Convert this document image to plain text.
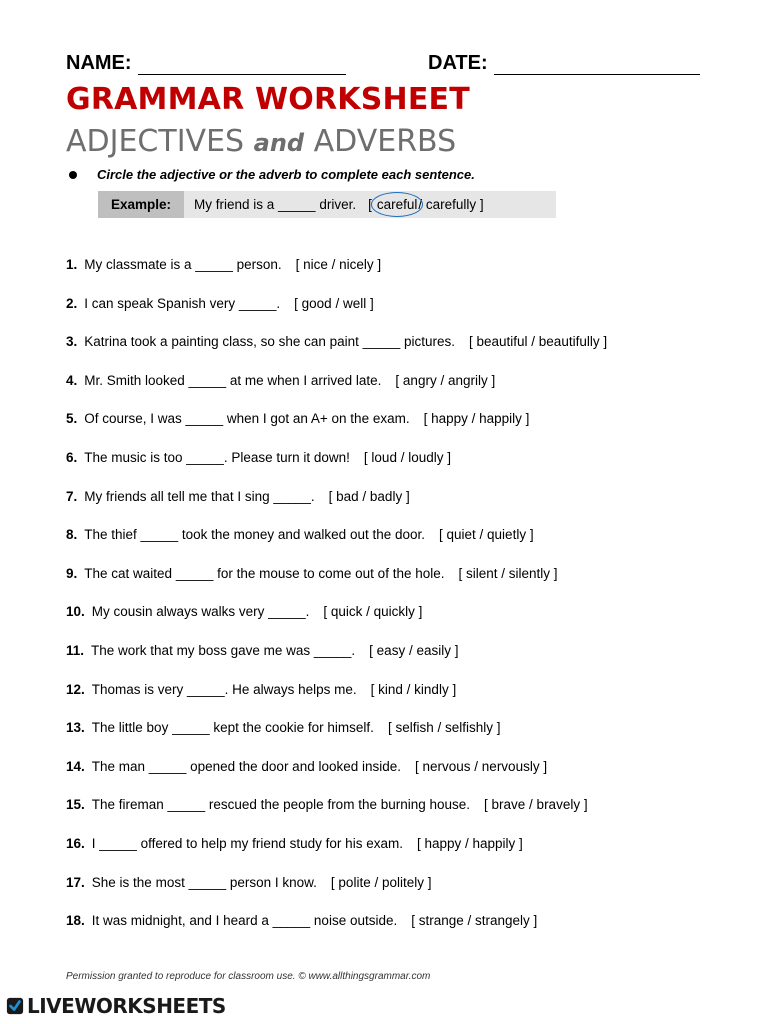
NAME:	DATE:
GRAMMAR WORKSHEET
ADJECTIVES and ADVERBS
Circle the adjective or the adverb to complete each sentence.
Example:	My friend is a _____ driver. [ careful / carefully ]
1. My classmate is a _____ person. [ nice / nicely ]
2. I can speak Spanish very _____. [ good / well ]
3. Katrina took a painting class, so she can paint _____ pictures. [ beautiful / beautifully ]
4. Mr. Smith looked _____ at me when I arrived late. [ angry / angrily ]
5. Of course, I was _____ when I got an A+ on the exam. [ happy / happily ]
6. The music is too _____. Please turn it down! [ loud / loudly ]
7. My friends all tell me that I sing _____. [ bad / badly ]
8. The thief _____ took the money and walked out the door. [ quiet / quietly ]
9. The cat waited _____ for the mouse to come out of the hole. [ silent / silently ]
10. My cousin always walks very _____. [ quick / quickly ]
11. The work that my boss gave me was _____. [ easy / easily ]
12. Thomas is very _____. He always helps me. [ kind / kindly ]
13. The little boy _____ kept the cookie for himself. [ selfish / selfishly ]
14. The man _____ opened the door and looked inside. [ nervous / nervously ]
15. The fireman _____ rescued the people from the burning house. [ brave / bravely ]
16. I _____ offered to help my friend study for his exam. [ happy / happily ]
17. She is the most _____ person I know. [ polite / politely ]
18. It was midnight, and I heard a _____ noise outside. [ strange / strangely ]
Permission granted to reproduce for classroom use. © www.allthingsgrammar.com
LIVEWORKSHEETS
